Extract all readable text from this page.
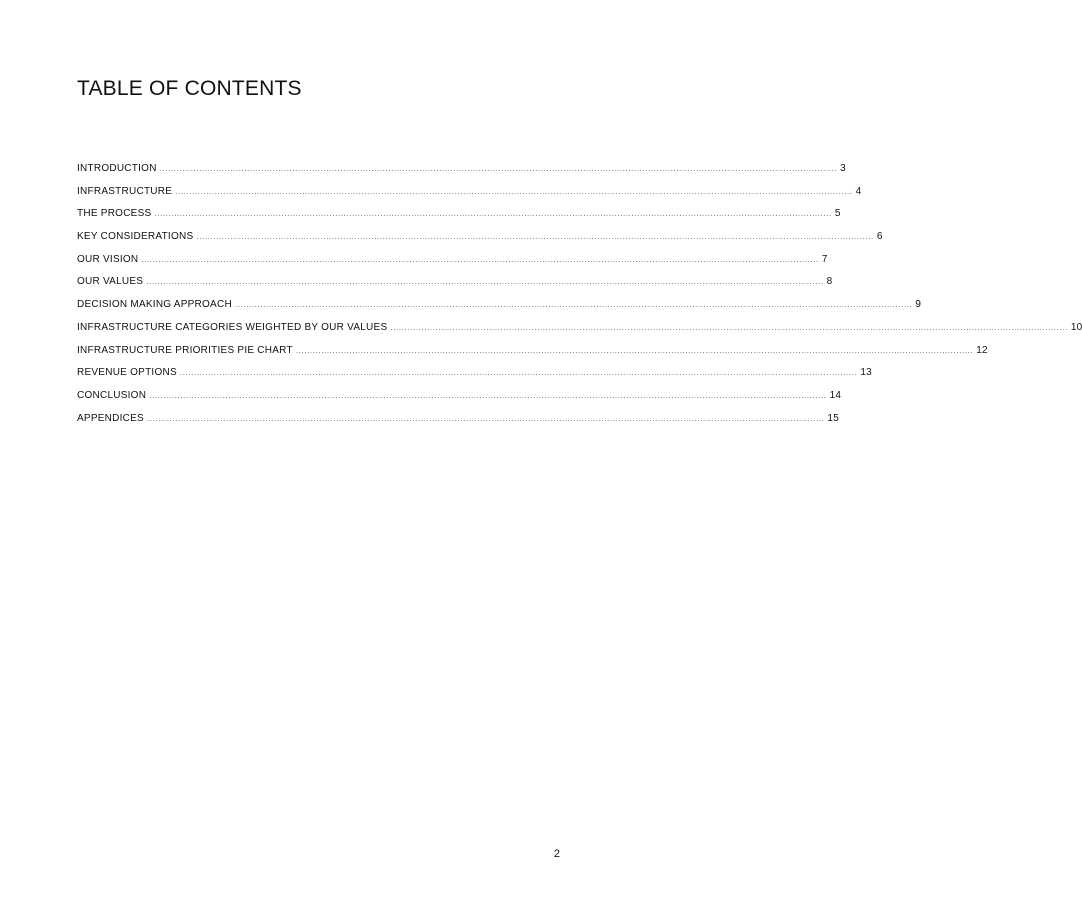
TABLE OF CONTENTS
INTRODUCTION ................................................................................................................................................................................................................................................ 3
INFRASTRUCTURE ................................................................................................................................................................................................................................................ 4
THE PROCESS ................................................................................................................................................................................................................................................ 5
KEY CONSIDERATIONS ................................................................................................................................................................................................................................................ 6
OUR VISION ................................................................................................................................................................................................................................................ 7
OUR VALUES ................................................................................................................................................................................................................................................ 8
DECISION MAKING APPROACH ................................................................................................................................................................................................................................................ 9
INFRASTRUCTURE CATEGORIES WEIGHTED BY OUR VALUES ................................................................................................................................................................................................................................................ 10
INFRASTRUCTURE PRIORITIES PIE CHART ................................................................................................................................................................................................................................................ 12
REVENUE OPTIONS ................................................................................................................................................................................................................................................ 13
CONCLUSION ................................................................................................................................................................................................................................................ 14
APPENDICES ................................................................................................................................................................................................................................................ 15
2
